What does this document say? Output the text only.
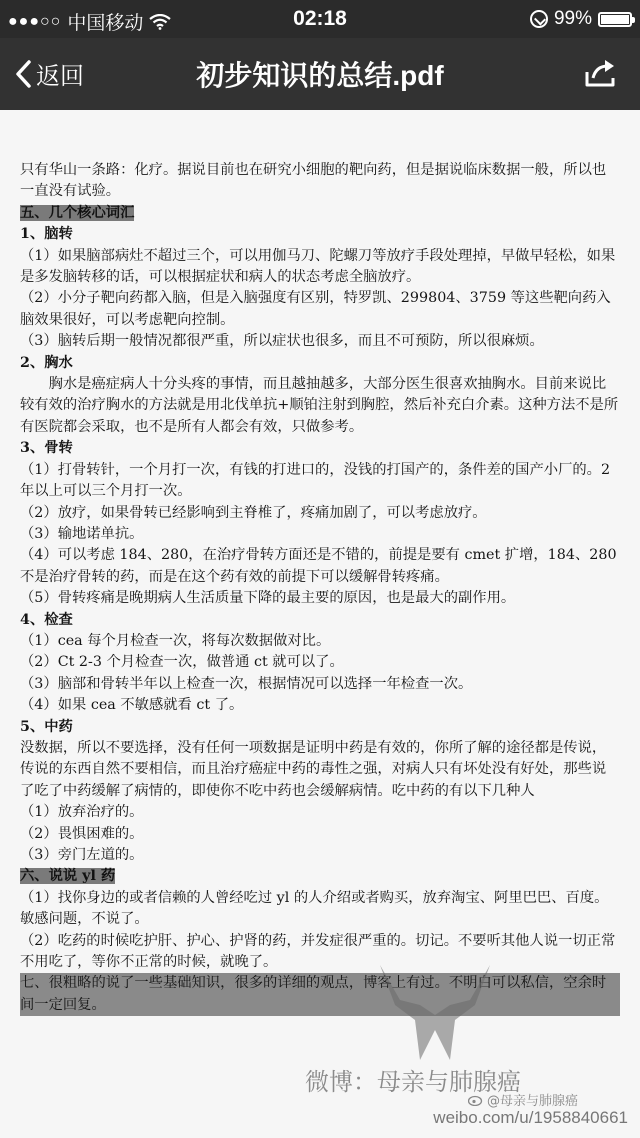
●●●○○ 中国移动	02:18	99%
返回	初步知识的总结.pdf

只有华山一条路：化疗。据说目前也在研究小细胞的靶向药，但是据说临床数据一般，所以也一直没有试验。

五、几个核心词汇

1、脑转

（1）如果脑部病灶不超过三个，可以用伽马刀、陀螺刀等放疗手段处理掉，早做早轻松，如果是多发脑转移的话，可以根据症状和病人的状态考虑全脑放疗。

（2）小分子靶向药都入脑，但是入脑强度有区别，特罗凯、299804、3759 等这些靶向药入脑效果很好，可以考虑靶向控制。

（3）脑转后期一般情况都很严重，所以症状也很多，而且不可预防，所以很麻烦。

2、胸水

胸水是癌症病人十分头疼的事情，而且越抽越多，大部分医生很喜欢抽胸水。目前来说比较有效的治疗胸水的方法就是用北伐单抗+顺铂注射到胸腔，然后补充白介素。这种方法不是所有医院都会采取，也不是所有人都会有效，只做参考。

3、骨转

（1）打骨转针，一个月打一次，有钱的打进口的，没钱的打国产的，条件差的国产小厂的。2 年以上可以三个月打一次。

（2）放疗，如果骨转已经影响到主脊椎了，疼痛加剧了，可以考虑放疗。

（3）输地诺单抗。

（4）可以考虑 184、280，在治疗骨转方面还是不错的，前提是要有 cmet 扩增，184、280 不是治疗骨转的药，而是在这个药有效的前提下可以缓解骨转疼痛。

（5）骨转疼痛是晚期病人生活质量下降的最主要的原因，也是最大的副作用。

4、检查

（1）cea 每个月检查一次，将每次数据做对比。

（2）Ct 2-3 个月检查一次，做普通 ct 就可以了。

（3）脑部和骨转半年以上检查一次，根据情况可以选择一年检查一次。

（4）如果 cea 不敏感就看 ct 了。

5、中药

没数据，所以不要选择，没有任何一项数据是证明中药是有效的，你所了解的途径都是传说，传说的东西自然不要相信，而且治疗癌症中药的毒性之强，对病人只有坏处没有好处，那些说了吃了中药缓解了病情的，即使你不吃中药也会缓解病情。吃中药的有以下几种人

（1）放弃治疗的。

（2）畏惧困难的。

（3）旁门左道的。

六、说说 yl 药

（1）找你身边的或者信赖的人曾经吃过 yl 的人介绍或者购买，放弃淘宝、阿里巴巴、百度。

敏感问题，不说了。

（2）吃药的时候吃护肝、护心、护肾的药，并发症很严重的。切记。不要听其他人说一切正常不用吃了，等你不正常的时候，就晚了。

七、很粗略的说了一些基础知识，很多的详细的观点，博客上有过。不明白可以私信，空余时间一定回复。

微博：母亲与肺腺癌
@母亲与肺腺癌
weibo.com/u/1958840661
